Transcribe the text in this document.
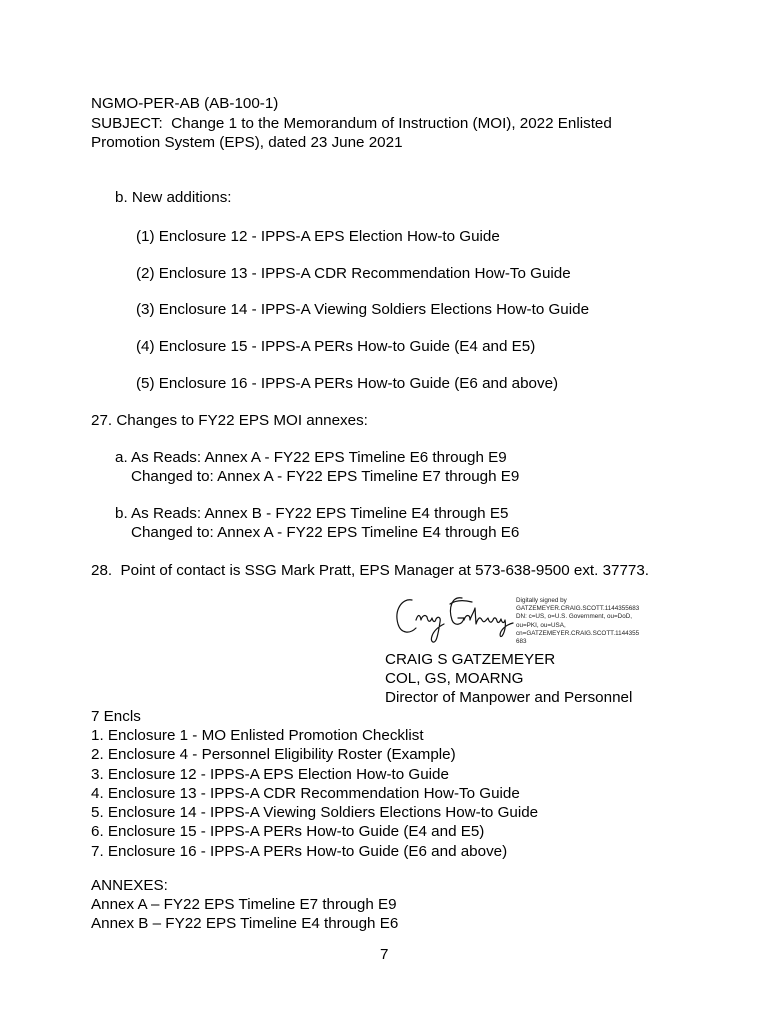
NGMO-PER-AB (AB-100-1)
SUBJECT:  Change 1 to the Memorandum of Instruction (MOI), 2022 Enlisted
Promotion System (EPS), dated 23 June 2021
b. New additions:
(1) Enclosure 12 - IPPS-A EPS Election How-to Guide
(2) Enclosure 13 - IPPS-A CDR Recommendation How-To Guide
(3) Enclosure 14 - IPPS-A Viewing Soldiers Elections How-to Guide
(4) Enclosure 15 - IPPS-A PERs How-to Guide (E4 and E5)
(5) Enclosure 16 - IPPS-A PERs How-to Guide (E6 and above)
27. Changes to FY22 EPS MOI annexes:
a. As Reads: Annex A - FY22 EPS Timeline E6 through E9
Changed to: Annex A - FY22 EPS Timeline E7 through E9
b. As Reads: Annex B - FY22 EPS Timeline E4 through E5
Changed to: Annex A - FY22 EPS Timeline E4 through E6
28.  Point of contact is SSG Mark Pratt, EPS Manager at 573-638-9500 ext. 37773.
Digitally signed by
GATZEMEYER.CRAIG.SCOTT.1144355683
DN: c=US, o=U.S. Government, ou=DoD,
ou=PKI, ou=USA,
cn=GATZEMEYER.CRAIG.SCOTT.1144355
683
CRAIG S GATZEMEYER
COL, GS, MOARNG
Director of Manpower and Personnel
7 Encls
1. Enclosure 1 - MO Enlisted Promotion Checklist
2. Enclosure 4 - Personnel Eligibility Roster (Example)
3. Enclosure 12 - IPPS-A EPS Election How-to Guide
4. Enclosure 13 - IPPS-A CDR Recommendation How-To Guide
5. Enclosure 14 - IPPS-A Viewing Soldiers Elections How-to Guide
6. Enclosure 15 - IPPS-A PERs How-to Guide (E4 and E5)
7. Enclosure 16 - IPPS-A PERs How-to Guide (E6 and above)
ANNEXES:
Annex A – FY22 EPS Timeline E7 through E9
Annex B – FY22 EPS Timeline E4 through E6
7
